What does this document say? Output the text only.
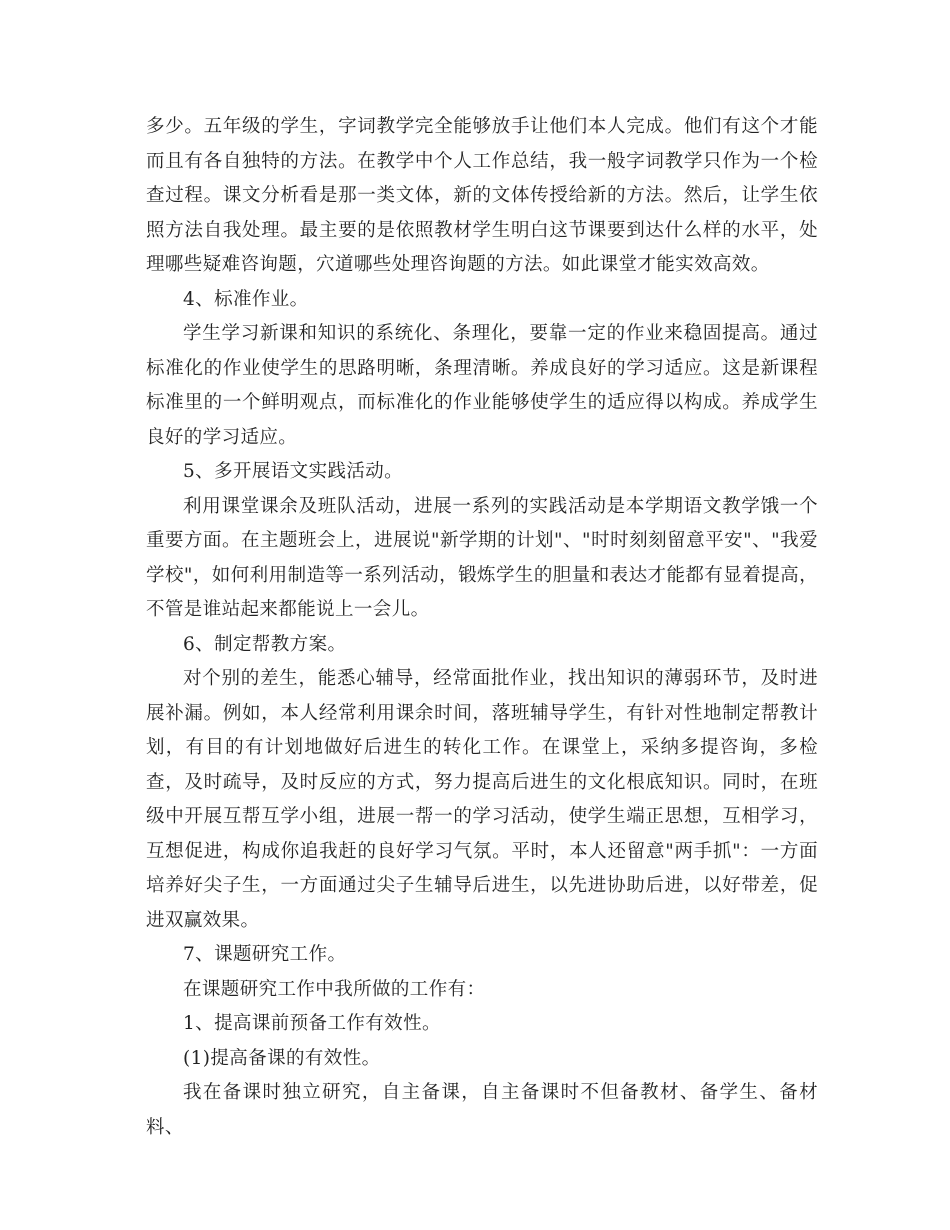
多少。五年级的学生，字词教学完全能够放手让他们本人完成。他们有这个才能而且有各自独特的方法。在教学中个人工作总结，我一般字词教学只作为一个检查过程。课文分析看是那一类文体，新的文体传授给新的方法。然后，让学生依照方法自我处理。最主要的是依照教材学生明白这节课要到达什么样的水平，处理哪些疑难咨询题，穴道哪些处理咨询题的方法。如此课堂才能实效高效。

4、标准作业。

学生学习新课和知识的系统化、条理化，要靠一定的作业来稳固提高。通过标准化的作业使学生的思路明晰，条理清晰。养成良好的学习适应。这是新课程标准里的一个鲜明观点，而标准化的作业能够使学生的适应得以构成。养成学生良好的学习适应。

5、多开展语文实践活动。

利用课堂课余及班队活动，进展一系列的实践活动是本学期语文教学饿一个重要方面。在主题班会上，进展说"新学期的计划"、"时时刻刻留意平安"、"我爱学校"，如何利用制造等一系列活动，锻炼学生的胆量和表达才能都有显着提高，不管是谁站起来都能说上一会儿。

6、制定帮教方案。

对个别的差生，能悉心辅导，经常面批作业，找出知识的薄弱环节，及时进展补漏。例如，本人经常利用课余时间，落班辅导学生，有针对性地制定帮教计划，有目的有计划地做好后进生的转化工作。在课堂上，采纳多提咨询，多检查，及时疏导，及时反应的方式，努力提高后进生的文化根底知识。同时，在班级中开展互帮互学小组，进展一帮一的学习活动，使学生端正思想，互相学习，互想促进，构成你追我赶的良好学习气氛。平时，本人还留意"两手抓"：一方面培养好尖子生，一方面通过尖子生辅导后进生，以先进协助后进，以好带差，促进双赢效果。

7、课题研究工作。

在课题研究工作中我所做的工作有：

1、提高课前预备工作有效性。

(1)提高备课的有效性。

我在备课时独立研究，自主备课，自主备课时不但备教材、备学生、备材料、
